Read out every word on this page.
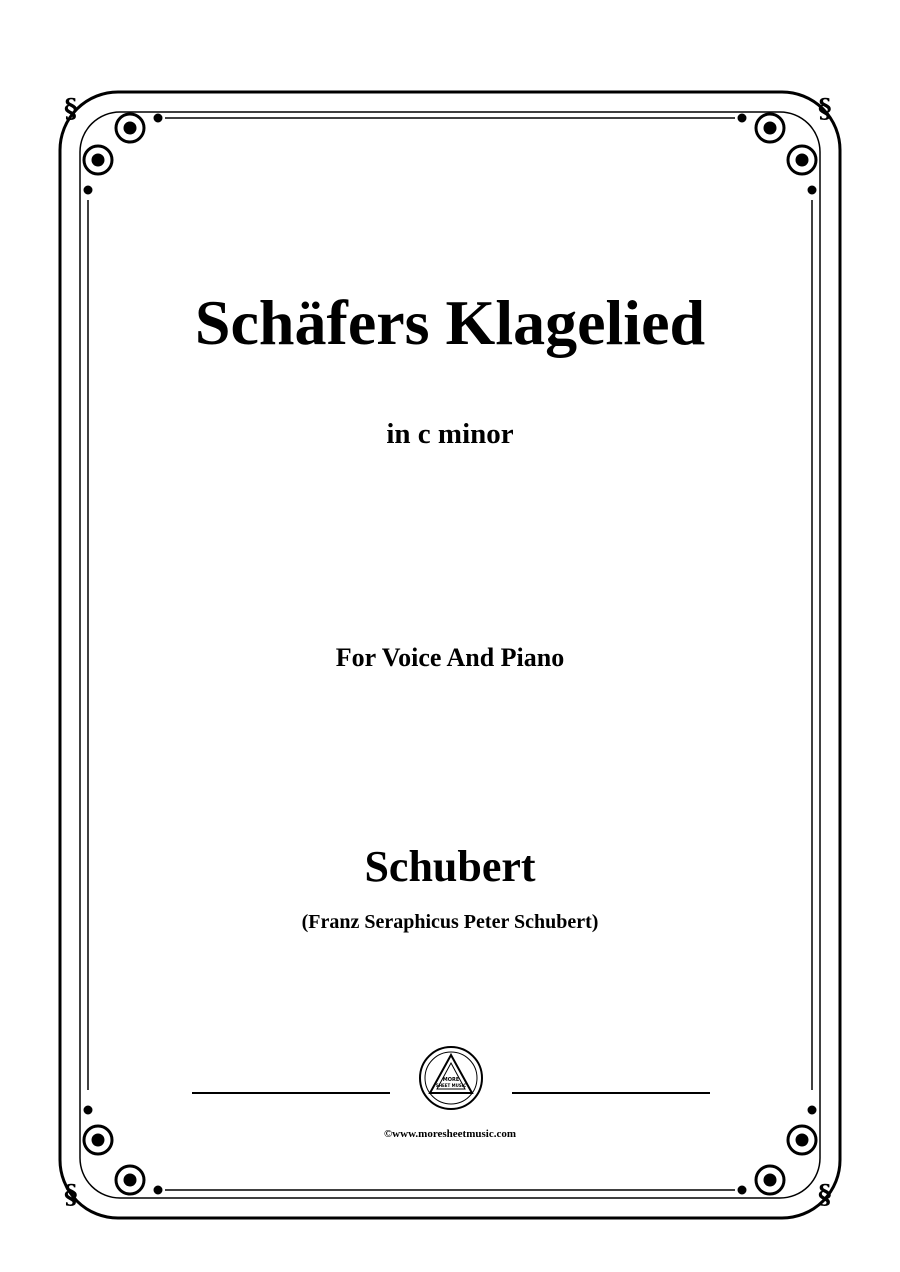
§	§
§	§
Schäfers Klagelied
in c minor
For Voice And Piano
Schubert
(Franz Seraphicus Peter Schubert)
MORE
SHEET MUSIC
©www.moresheetmusic.com
